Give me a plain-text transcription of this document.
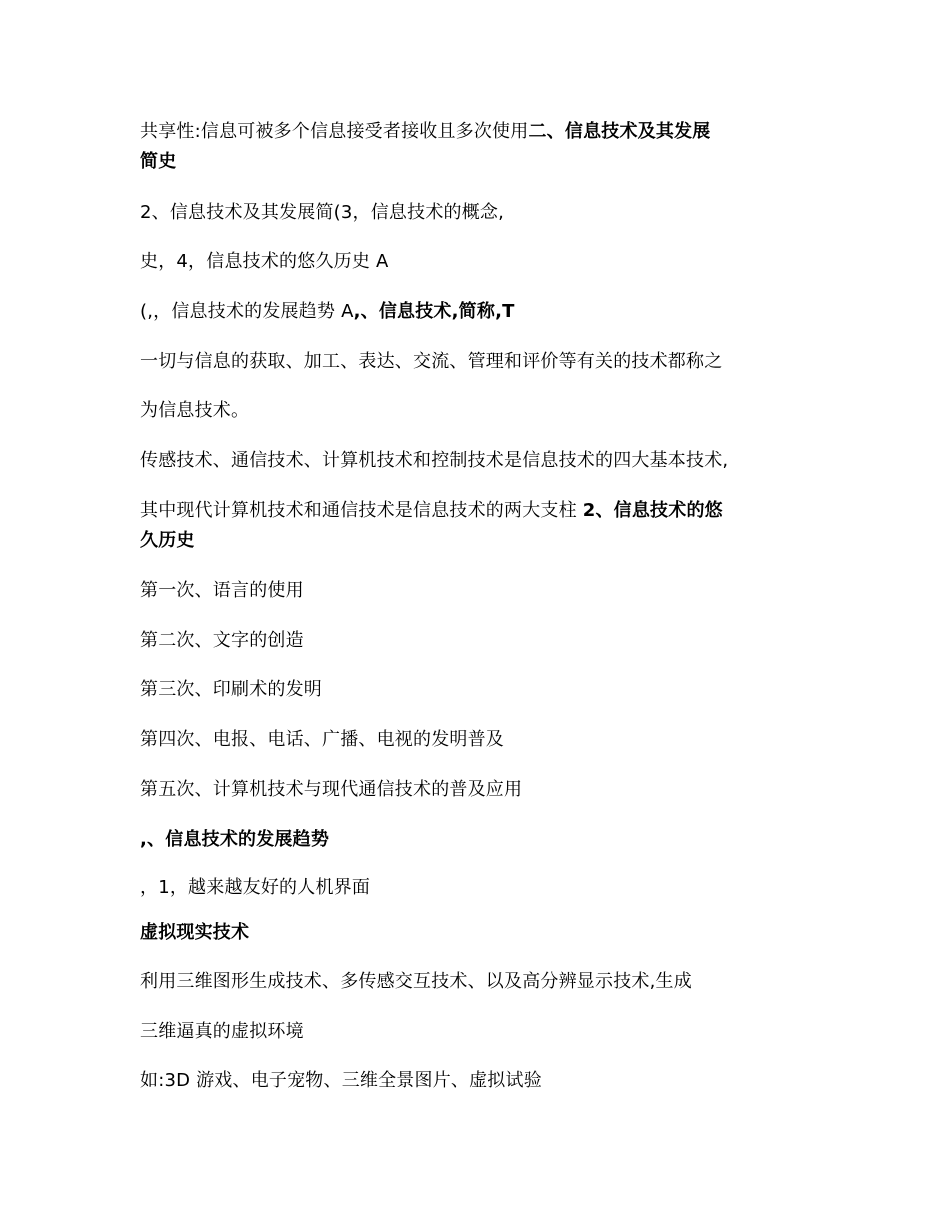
共享性:信息可被多个信息接受者接收且多次使用二、信息技术及其发展
简史
2、信息技术及其发展简(3，信息技术的概念,
史，4，信息技术的悠久历史 A
(,，信息技术的发展趋势 A,、信息技术,简称,T
一切与信息的获取、加工、表达、交流、管理和评价等有关的技术都称之
为信息技术。
传感技术、通信技术、计算机技术和控制技术是信息技术的四大基本技术,
其中现代计算机技术和通信技术是信息技术的两大支柱 2、信息技术的悠
久历史
第一次、语言的使用
第二次、文字的创造
第三次、印刷术的发明
第四次、电报、电话、广播、电视的发明普及
第五次、计算机技术与现代通信技术的普及应用
,、信息技术的发展趋势
，1，越来越友好的人机界面
虚拟现实技术
利用三维图形生成技术、多传感交互技术、以及高分辨显示技术,生成
三维逼真的虚拟环境
如:3D 游戏、电子宠物、三维全景图片、虚拟试验
